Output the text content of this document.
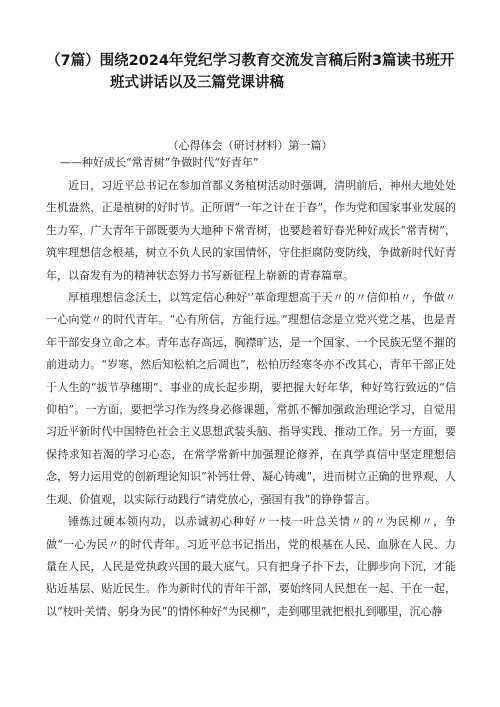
（7篇）围绕2024年党纪学习教育交流发言稿后附3篇读书班开
班式讲话以及三篇党课讲稿

（心得体会（研讨材料）第一篇）

——种好成长“常青树”争做时代“好青年”

近日，习近平总书记在参加首都义务植树活动时强调，清明前后，神州大地处处生机盎然，正是植树的好时节。正所谓“一年之计在于春”，作为党和国家事业发展的生力军，广大青年干部既要为大地种下常青树，也要趁着好春光种好成长“常青树”，筑牢理想信念根基，树立不负人民的家国情怀，守住拒腐防变防线，争做新时代好青年，以奋发有为的精神状态努力书写新征程上崭新的青春篇章。

厚植理想信念沃土，以笃定信心种好'’革命理想高于天〃的〃信仰柏〃，争做〃一心向党〃的时代青年。“心有所信，方能行远。”理想信念是立党兴党之基，也是青年干部安身立命之本。青年志存高远，胸襟旷达，是一个国家、一个民族无坚不摧的前进动力。“岁寒，然后知松柏之后凋也”，松柏历经寒冬亦不改其心，青年干部正处于人生的“拔节孕穗期”、事业的成长起步期，要把握大好年华，种好笃行致远的“信仰柏”。一方面，要把学习作为终身必修课题，常抓不懈加强政治理论学习，自觉用习近平新时代中国特色社会主义思想武装头脑、指导实践、推动工作。另一方面，要保持求知若渴的学习心态，在常学常新中加强理论修养，在真学真信中坚定理想信念，努力运用党的创新理论知识“补钙壮骨、凝心铸魂”，进而树立正确的世界观、人生观、价值观，以实际行动践行“请党放心，强国有我”的铮铮誓言。

锤炼过硬本领内功，以赤诚初心种好〃一枝一叶总关情〃的〃为民柳〃，争做“一心为民〃的时代青年。习近平总书记指出，党的根基在人民、血脉在人民、力量在人民，人民是党执政兴国的最大底气。只有把身子扑下去，让脚步向下沉，才能贴近基层、贴近民生。作为新时代的青年干部，要始终同人民想在一起、干在一起，以“枝叶关情、躬身为民”的情怀种好“为民柳”，走到哪里就把根扎到哪里，沉心静
